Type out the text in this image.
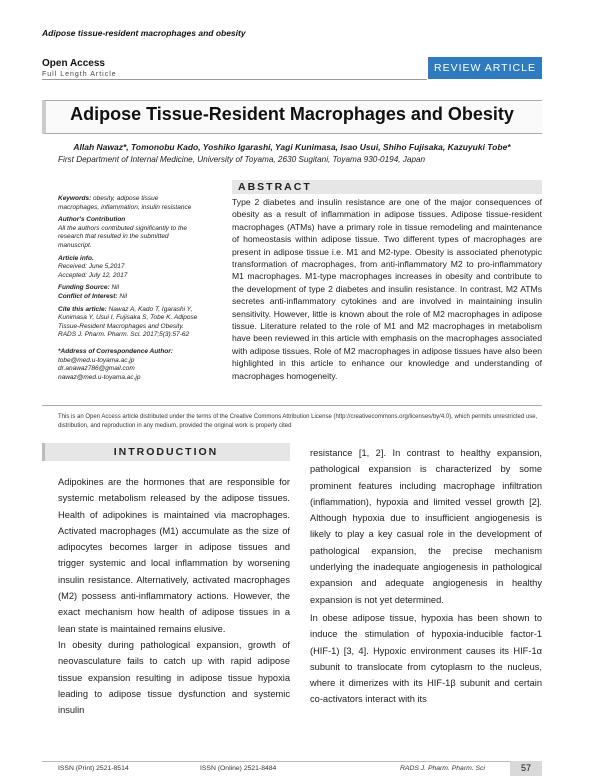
Adipose tissue-resident macrophages and obesity
Open Access
Full Length Article
REVIEW ARTICLE
Adipose Tissue-Resident Macrophages and Obesity
Allah Nawaz*, Tomonobu Kado, Yoshiko Igarashi, Yagi Kunimasa, Isao Usui, Shiho Fujisaka, Kazuyuki Tobe*
First Department of Internal Medicine, University of Toyama, 2630 Sugitani, Toyama 930-0194, Japan
Keywords: obesity, adipose tissue macrophages, inflammation, insulin resistance
Author's Contribution
All the authors contributed significantly to the research that resulted in the submitted manuscript.
Article info.
Received: June 5,2017
Accepted: July 12, 2017
Funding Source: Nil
Conflict of Interest: Nil
Cite this article: Nawaz A, Kado T, Igarashi Y, Kunimasa Y, Usui I, Fujisaka S, Tobe K. Adipose Tissue-Resident Macrophages and Obesity. RADS J. Pharm. Pharm. Sci. 2017;5(3):57-62
*Address of Correspondence Author:
tobe@med.u-toyama.ac.jp
dr.anawaz786@gmail.com
nawaz@med.u-toyama.ac.jp
ABSTRACT
Type 2 diabetes and insulin resistance are one of the major consequences of obesity as a result of inflammation in adipose tissues. Adipose tissue-resident macrophages (ATMs) have a primary role in tissue remodeling and maintenance of homeostasis within adipose tissue. Two different types of macrophages are present in adipose tissue i.e. M1 and M2-type. Obesity is associated phenotypic transformation of macrophages, from anti-inflammatory M2 to pro-inflammatory M1 macrophages. M1-type macrophages increases in obesity and contribute to the development of type 2 diabetes and insulin resistance. In contrast, M2 ATMs secretes anti-inflammatory cytokines and are involved in maintaining insulin sensitivity. However, little is known about the role of M2 macrophages in adipose tissue. Literature related to the role of M1 and M2 macrophages in metabolism have been reviewed in this article with emphasis on the macrophages associated with adipose tissues. Role of M2 macrophages in adipose tissues have also been highlighted in this article to enhance our knowledge and understanding of macrophages homogeneity.
This is an Open Access article distributed under the terms of the Creative Commons Attribution License (http://creativecommons.org/licenses/by/4.0), which permits unrestricted use, distribution, and reproduction in any medium, provided the original work is properly cited
INTRODUCTION

Adipokines are the hormones that are responsible for systemic metabolism released by the adipose tissues. Health of adipokines is maintained via macrophages. Activated macrophages (M1) accumulate as the size of adipocytes becomes larger in adipose tissues and trigger systemic and local inflammation by worsening insulin resistance. Alternatively, activated macrophages (M2) possess anti-inflammatory actions. However, the exact mechanism how health of adipose tissues in a lean state is maintained remains elusive.

In obesity during pathological expansion, growth of neovasculature fails to catch up with rapid adipose tissue expansion resulting in adipose tissue hypoxia leading to adipose tissue dysfunction and systemic insulin

resistance [1, 2]. In contrast to healthy expansion, pathological expansion is characterized by some prominent features including macrophage infiltration (inflammation), hypoxia and limited vessel growth [2]. Although hypoxia due to insufficient angiogenesis is likely to play a key casual role in the development of pathological expansion, the precise mechanism underlying the inadequate angiogenesis in pathological expansion and adequate angiogenesis in healthy expansion is not yet determined.

In obese adipose tissue, hypoxia has been shown to induce the stimulation of hypoxia-inducible factor-1 (HIF-1) [3, 4]. Hypoxic environment causes its HIF-1α subunit to translocate from cytoplasm to the nucleus, where it dimerizes with its HIF-1β subunit and certain co-activators interact with its

ISSN (Print) 2521-8514	ISSN (Online) 2521-8484	RADS J. Pharm. Pharm. Sci	57
